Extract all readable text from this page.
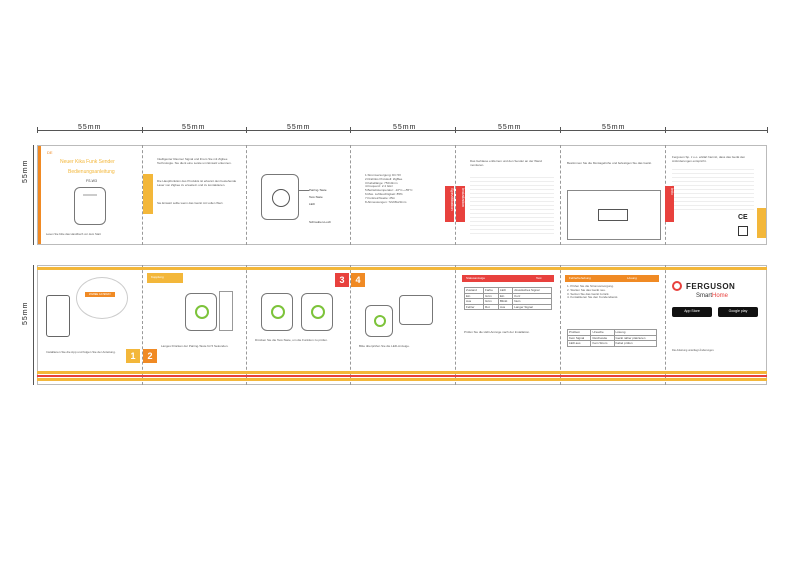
55mm	55mm	55mm	55mm	55mm	55mm
55mm
DE
Neuer Kika Funk Sender
Bedienungsanleitung
FS-W3
Lesen Sie bitte das Handbuch vor dem Start
Intelligenter Raumer Signal und ihrem Sie mit Zigbee Technologie. Sie dient eine Leiste um Einsatz erkennen.
Die Hauptfunktion des Produkts ist erkannt den bestehende Laser von Zigbee zu erweitern und zu kontaktieren.
Sie Einsatz sollte wenn das Gerät mit vollen Wert.
Pairing-Taste
Test-Taste
LED
Schrauben-Loch
1.Stromversorgung: DC 5V
2.Drahtlos Protokoll: ZigBee
3.Kabellänge: 75±10mm
4.Frequenz: 2.4 GHz
5.Betriebstemperatur: -10°C~+55°C
6.Max. Luftfeuchtigkeit: 85%
7.Funkreichweite: 25m
8.Abmessungen: 72x68x23mm	Spezifikation	Installation
Das Gehäuse entfernen und den Sender an der Wand montieren.	Bestimmen Sie die Montagehöhe und befestigen Sie das Gerät.
Ferguson Sp. z o.o. erklärt hiermit, dass das Gerät den Anforderungen entspricht.
CE
Info
55mm
ZIGBEE GATEWAY
Installieren Sie die App und folgen Sie der Anleitung.	1
Kopplung
2
Langes Drücken der Pairing-Taste für 5 Sekunden.
Drücken Sie die Test-Taste, um die Funktion zu prüfen.
3	4
Bitte überprüfen Sie die LED-Anzeige.
Statusanzeige	Test
Zustand	Farbe	LED	Akustisches Signal
Ein	Grün	Ein	Kurz
Aus	Grün	Blinkt	Nein
Fehler	Rot	Aus	Langer Signal
Prüfen Sie die LED-Anzeige nach der Installation.
Fehlerbehebung	Lösung
1. Prüfen Sie die Stromversorgung.
2. Starten Sie das Gerät neu.
3. Setzen Sie das Gerät zurück.
4. Kontaktieren Sie den Kundendienst.
Problem	Ursache	Lösung
Kein Signal	Reichweite	Gerät näher platzieren
LED aus	Kein Strom	Kabel prüfen
FERGUSON
SmartHome
App Store	Google play
Die Anleitung unterliegt Änderungen.
